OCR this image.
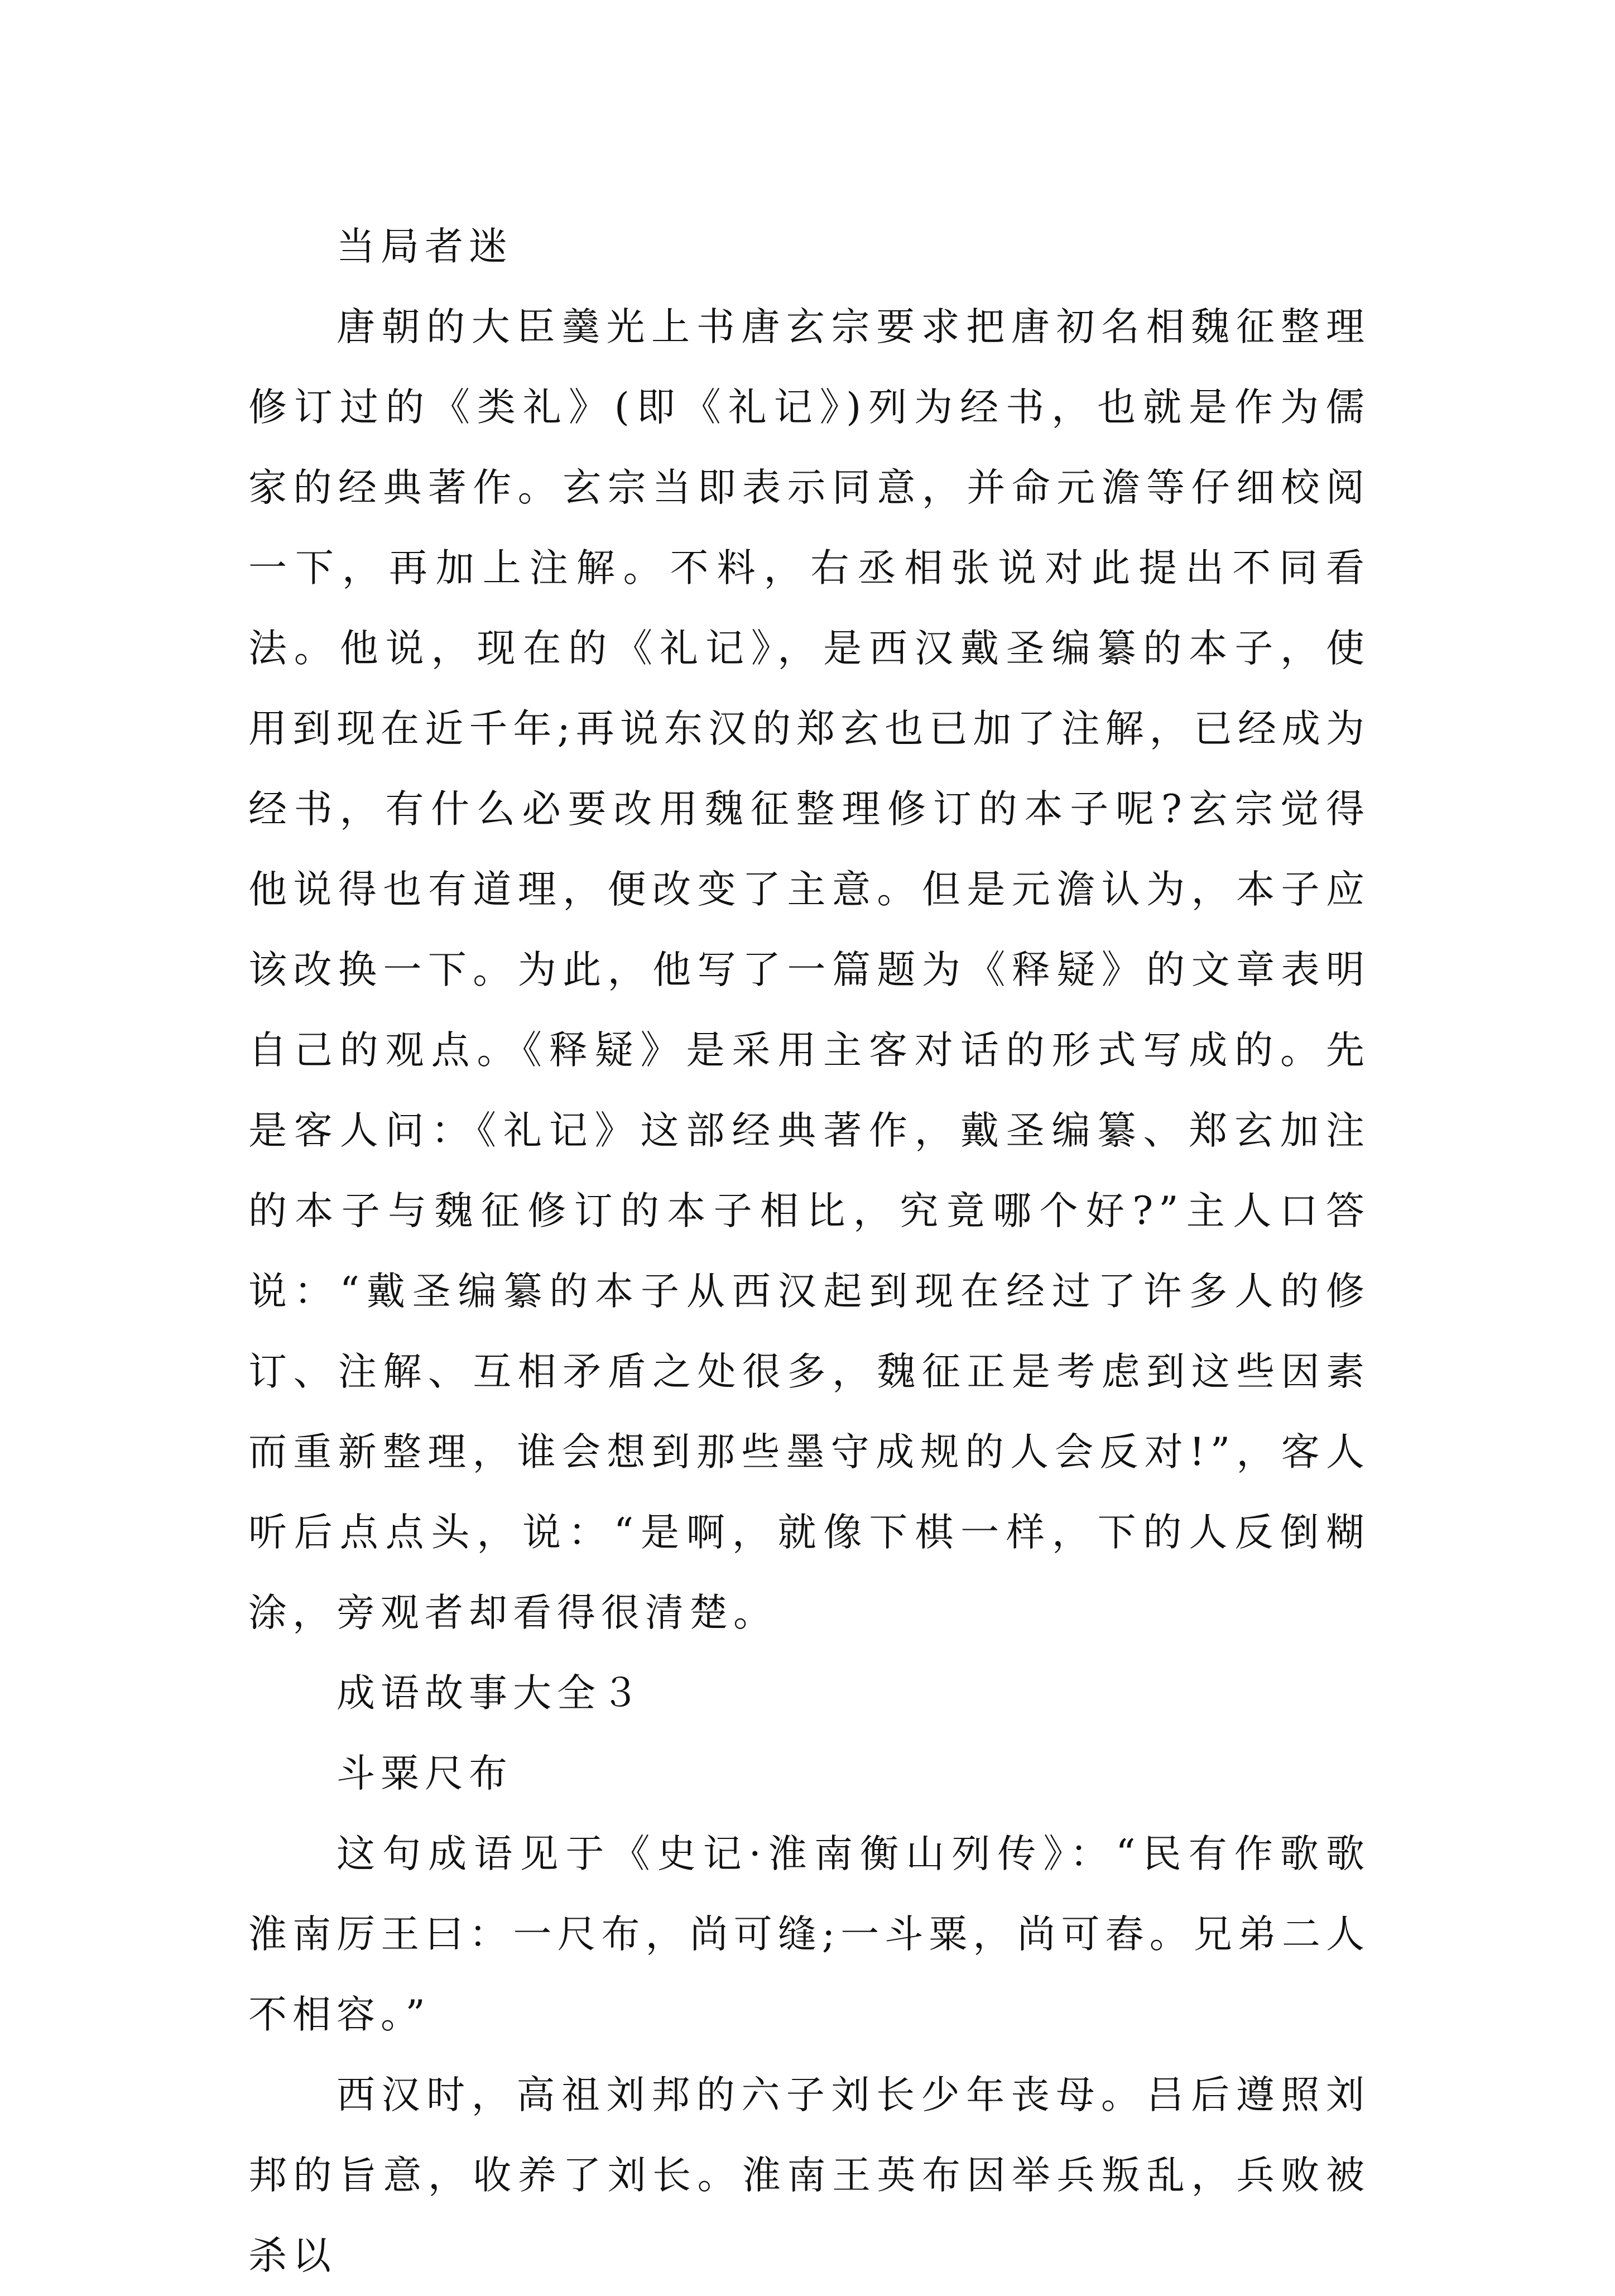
当局者迷

唐朝的大臣羹光上书唐玄宗要求把唐初名相魏征整理修订过的《类礼》(即《礼记》)列为经书，也就是作为儒家的经典著作。玄宗当即表示同意，并命元澹等仔细校阅一下，再加上注解。不料，右丞相张说对此提出不同看法。他说，现在的《礼记》，是西汉戴圣编纂的本子，使用到现在近千年;再说东汉的郑玄也已加了注解，已经成为经书，有什么必要改用魏征整理修订的本子呢?玄宗觉得他说得也有道理，便改变了主意。但是元澹认为，本子应该改换一下。为此，他写了一篇题为《释疑》的文章表明自己的观点。《释疑》是采用主客对话的形式写成的。先是客人问：《礼记》这部经典著作，戴圣编纂、郑玄加注的本子与魏征修订的本子相比，究竟哪个好?”主人口答说：“戴圣编纂的本子从西汉起到现在经过了许多人的修订、注解、互相矛盾之处很多，魏征正是考虑到这些因素而重新整理，谁会想到那些墨守成规的人会反对!”，客人听后点点头，说：“是啊，就像下棋一样，下的人反倒糊涂，旁观者却看得很清楚。

成语故事大全３

斗粟尺布

这句成语见于《史记·淮南衡山列传》：“民有作歌歌淮南厉王曰：一尺布，尚可缝;一斗粟，尚可舂。兄弟二人不相容。”

西汉时，高祖刘邦的六子刘长少年丧母。吕后遵照刘邦的旨意，收养了刘长。淮南王英布因举兵叛乱，兵败被杀以
